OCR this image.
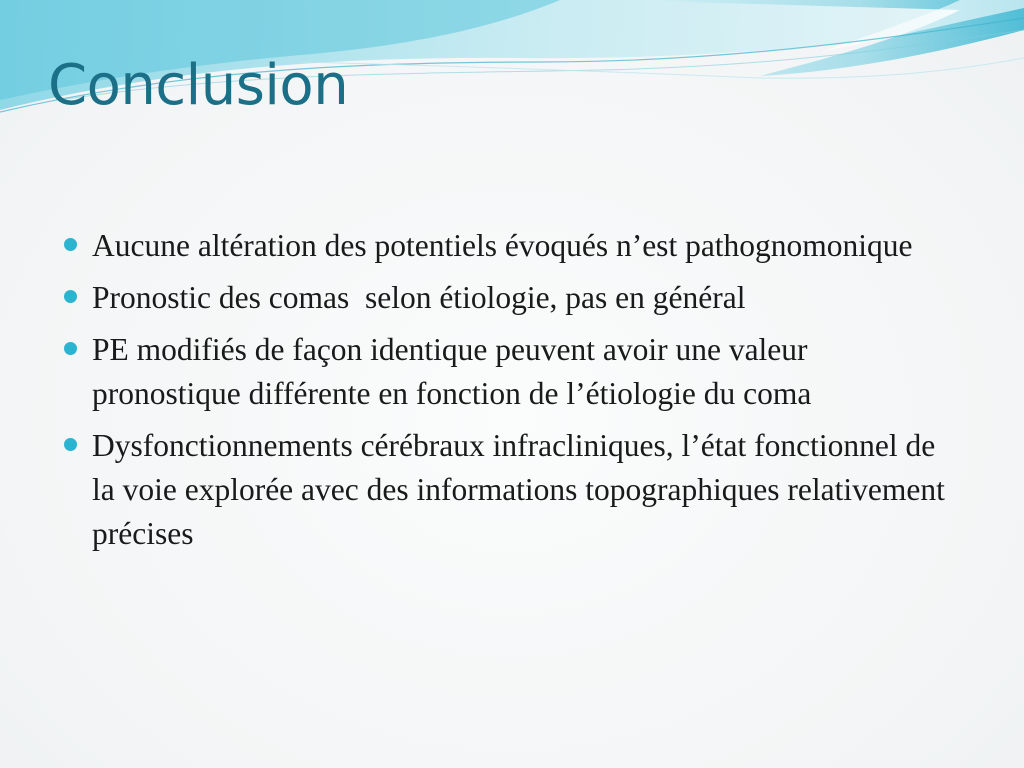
Conclusion
Aucune altération des potentiels évoqués n’est pathognomonique
Pronostic des comas  selon étiologie, pas en général
PE modifiés de façon identique peuvent avoir une valeur pronostique différente en fonction de l’étiologie du coma
Dysfonctionnements cérébraux infracliniques, l’état fonctionnel de la voie explorée avec des informations topographiques relativement précises
